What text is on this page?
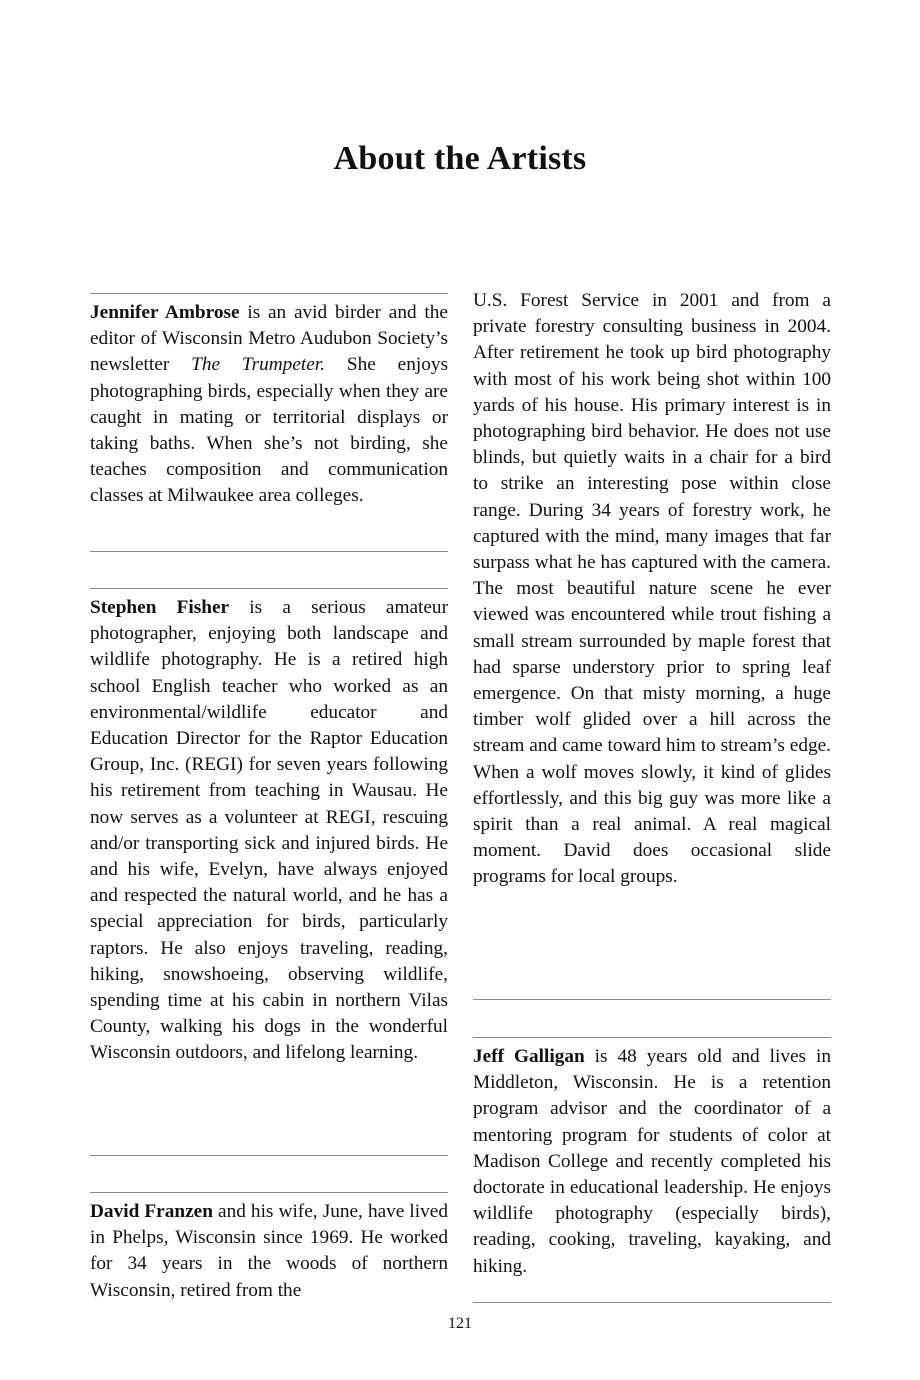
About the Artists

Jennifer Ambrose is an avid birder and the editor of Wisconsin Metro Audubon Society’s newsletter The Trumpeter. She enjoys photographing birds, especially when they are caught in mating or territorial displays or taking baths. When she’s not birding, she teaches composition and communication classes at Milwaukee area colleges.

Stephen Fisher is a serious amateur photographer, enjoying both landscape and wildlife photography. He is a retired high school English teacher who worked as an environmental/wildlife educator and Education Director for the Raptor Education Group, Inc. (REGI) for seven years following his retirement from teaching in Wausau. He now serves as a volunteer at REGI, rescuing and/or transporting sick and injured birds. He and his wife, Evelyn, have always enjoyed and respected the natural world, and he has a special appreciation for birds, particularly raptors. He also enjoys traveling, reading, hiking, snowshoeing, observing wildlife, spending time at his cabin in northern Vilas County, walking his dogs in the wonderful Wisconsin outdoors, and lifelong learning.

David Franzen and his wife, June, have lived in Phelps, Wisconsin since 1969. He worked for 34 years in the woods of northern Wisconsin, retired from the

U.S. Forest Service in 2001 and from a private forestry consulting business in 2004. After retirement he took up bird photography with most of his work being shot within 100 yards of his house. His primary interest is in photographing bird behavior. He does not use blinds, but quietly waits in a chair for a bird to strike an interesting pose within close range. During 34 years of forestry work, he captured with the mind, many images that far surpass what he has captured with the camera. The most beautiful nature scene he ever viewed was encountered while trout fishing a small stream surrounded by maple forest that had sparse understory prior to spring leaf emergence. On that misty morning, a huge timber wolf glided over a hill across the stream and came toward him to stream’s edge. When a wolf moves slowly, it kind of glides effortlessly, and this big guy was more like a spirit than a real animal. A real magical moment. David does occasional slide programs for local groups.

Jeff Galligan is 48 years old and lives in Middleton, Wisconsin. He is a retention program advisor and the coordinator of a mentoring program for students of color at Madison College and recently completed his doctorate in educational leadership. He enjoys wildlife photography (especially birds), reading, cooking, traveling, kayaking, and hiking.

121
